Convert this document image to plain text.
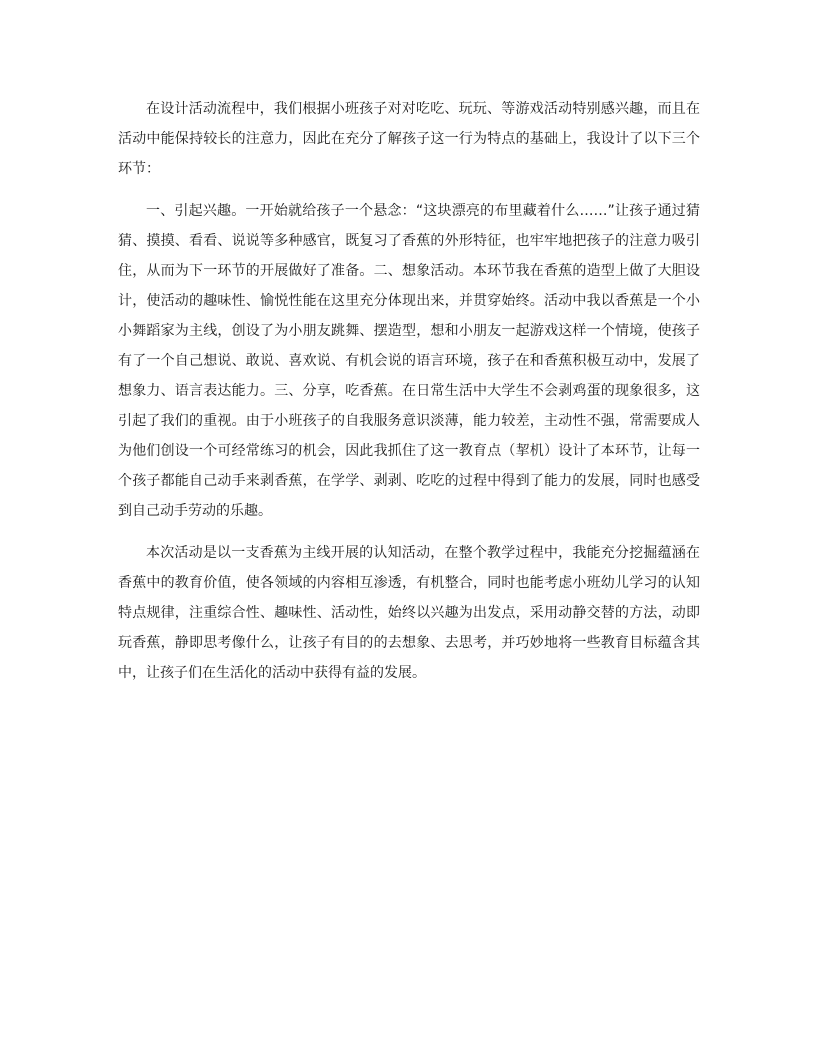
在设计活动流程中，我们根据小班孩子对对吃吃、玩玩、等游戏活动特别感兴趣，而且在活动中能保持较长的注意力，因此在充分了解孩子这一行为特点的基础上，我设计了以下三个环节：

一、引起兴趣。一开始就给孩子一个悬念：“这块漂亮的布里藏着什么……”让孩子通过猜猜、摸摸、看看、说说等多种感官，既复习了香蕉的外形特征，也牢牢地把孩子的注意力吸引住，从而为下一环节的开展做好了准备。二、想象活动。本环节我在香蕉的造型上做了大胆设计，使活动的趣味性、愉悦性能在这里充分体现出来，并贯穿始终。活动中我以香蕉是一个小小舞蹈家为主线，创设了为小朋友跳舞、摆造型，想和小朋友一起游戏这样一个情境，使孩子有了一个自己想说、敢说、喜欢说、有机会说的语言环境，孩子在和香蕉积极互动中，发展了想象力、语言表达能力。三、分享，吃香蕉。在日常生活中大学生不会剥鸡蛋的现象很多，这引起了我们的重视。由于小班孩子的自我服务意识淡薄，能力较差，主动性不强，常需要成人为他们创设一个可经常练习的机会，因此我抓住了这一教育点（挈机）设计了本环节，让每一个孩子都能自己动手来剥香蕉，在学学、剥剥、吃吃的过程中得到了能力的发展，同时也感受到自己动手劳动的乐趣。

本次活动是以一支香蕉为主线开展的认知活动，在整个教学过程中，我能充分挖掘蕴涵在香蕉中的教育价值，使各领域的内容相互渗透，有机整合，同时也能考虑小班幼儿学习的认知特点规律，注重综合性、趣味性、活动性，始终以兴趣为出发点，采用动静交替的方法，动即玩香蕉，静即思考像什么，让孩子有目的的去想象、去思考，并巧妙地将一些教育目标蕴含其中，让孩子们在生活化的活动中获得有益的发展。
